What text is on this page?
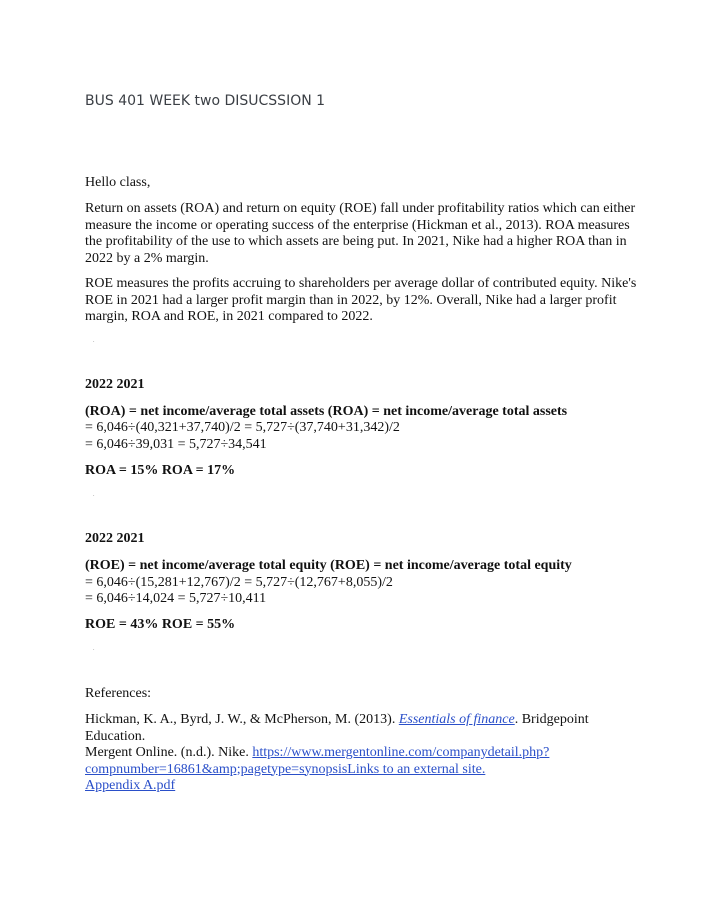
BUS 401 WEEK two DISUCSSION 1

Hello class,

Return on assets (ROA) and return on equity (ROE) fall under profitability ratios which can either measure the income or operating success of the enterprise (Hickman et al., 2013). ROA measures the profitability of the use to which assets are being put. In 2021, Nike had a higher ROA than in 2022 by a 2% margin.

ROE measures the profits accruing to shareholders per average dollar of contributed equity. Nike's ROE in 2021 had a larger profit margin than in 2022, by 12%. Overall, Nike had a larger profit margin, ROA and ROE, in 2021 compared to 2022.

.

2022 2021

(ROA) = net income/average total assets (ROA) = net income/average total assets

= 6,046÷(40,321+37,740)/2 = 5,727÷(37,740+31,342)/2

= 6,046÷39,031 = 5,727÷34,541

ROA = 15% ROA = 17%

.

2022 2021

(ROE) = net income/average total equity (ROE) = net income/average total equity

= 6,046÷(15,281+12,767)/2 = 5,727÷(12,767+8,055)/2

= 6,046÷14,024 = 5,727÷10,411

ROE = 43% ROE = 55%

.

References:

Hickman, K. A., Byrd, J. W., & McPherson, M. (2013). Essentials of finance. Bridgepoint Education.

Mergent Online. (n.d.). Nike. https://www.mergentonline.com/companydetail.php?compnumber=16861&amp;pagetype=synopsisLinks to an external site.

Appendix A.pdf
